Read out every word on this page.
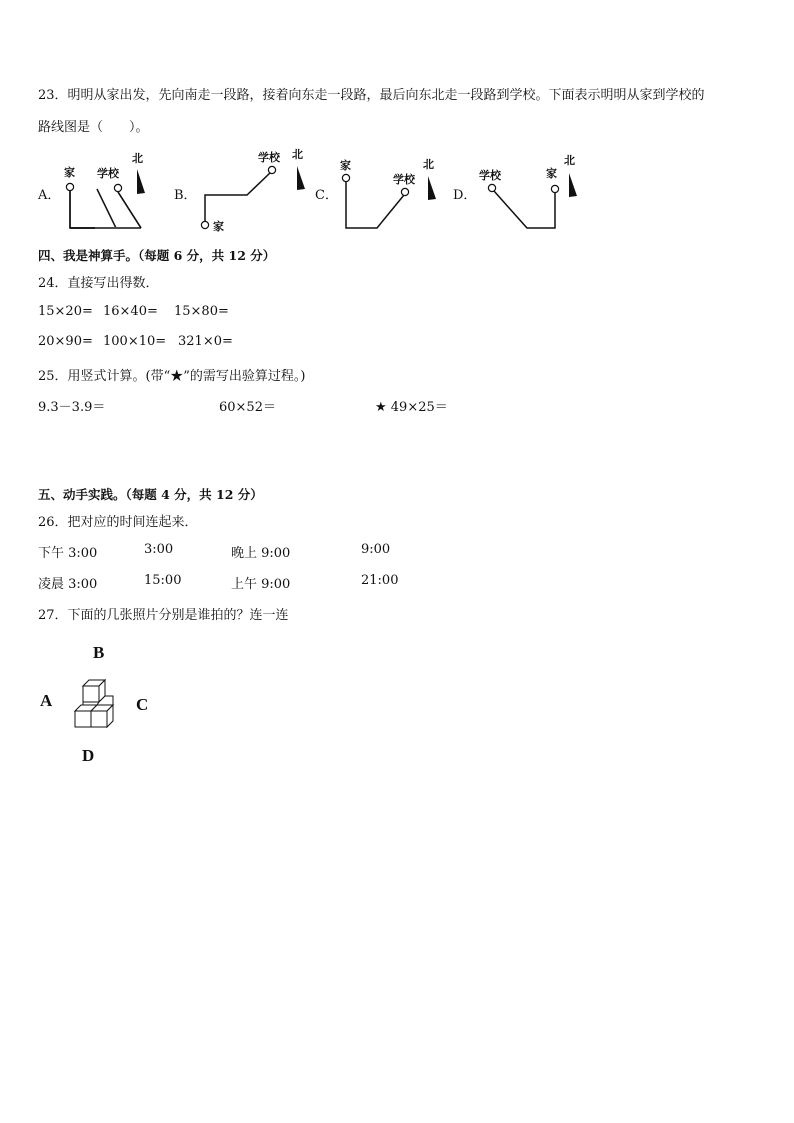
23．明明从家出发，先向南走一段路，接着向东走一段路，最后向东北走一段路到学校。下面表示明明从家到学校的
路线图是（　　）。
A．
家 学校
北
B．
家
学校 北
C．
家
学校
北
D．
学校	家
北
四、我是神算手。（每题 6 分，共 12 分）
24．直接写出得数．
15×20= 16×40= 15×80=
20×90= 100×10= 321×0=
25．用竖式计算。(带“★”的需写出验算过程。)
9.3－3.9＝	60×52＝	★ 49×25＝
五、动手实践。（每题 4 分，共 12 分）
26．把对应的时间连起来．
下午 3:00	3:00	晚上 9:00	9:00
凌晨 3:00	15:00	上午 9:00	21:00
27．下面的几张照片分别是谁拍的？连一连
B
A	C
D
